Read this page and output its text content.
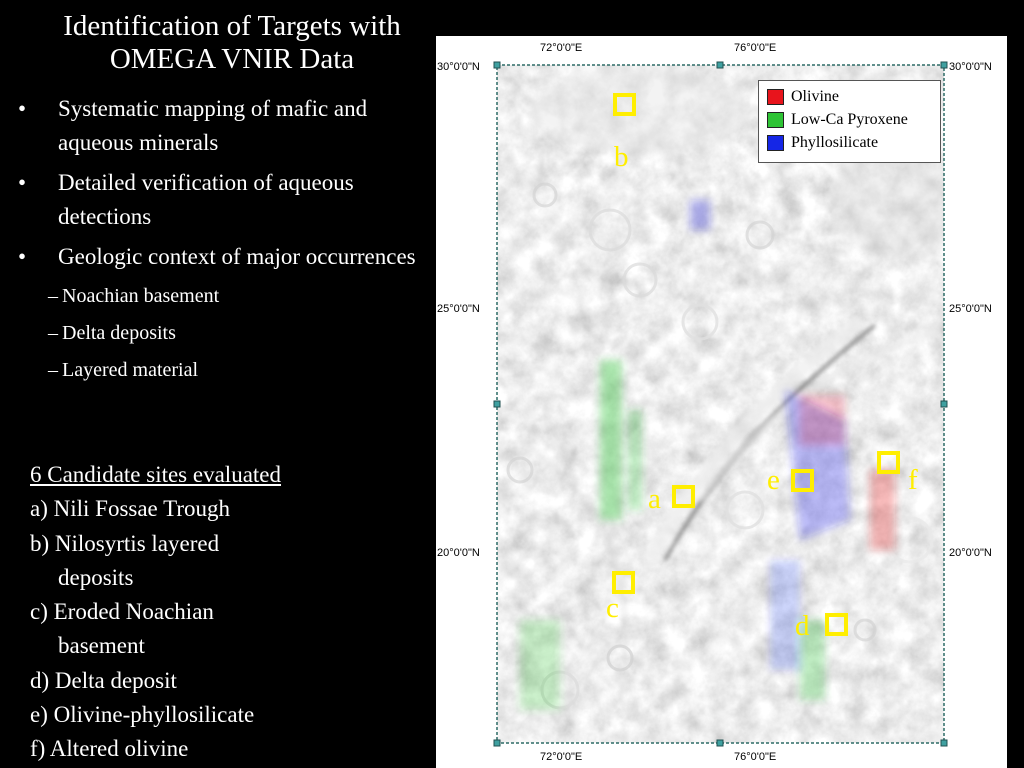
Identification of Targets with
OMEGA VNIR Data
• Systematic mapping of mafic and aqueous minerals
• Detailed verification of aqueous detections
• Geologic context of major occurrences
– Noachian basement
– Delta deposits
– Layered material
6 Candidate sites evaluated
a) Nili Fossae Trough
b) Nilosyrtis layered
deposits
c) Eroded Noachian
basement
d) Delta deposit
e) Olivine-phyllosilicate
f) Altered olivine
72°0'0"E	76°0'0"E
72°0'0"E	76°0'0"E
30°0'0"N
25°0'0"N
20°0'0"N
30°0'0"N
25°0'0"N
20°0'0"N
Olivine
Low-Ca Pyroxene
Phyllosilicate
b
a
c
d
e	f
